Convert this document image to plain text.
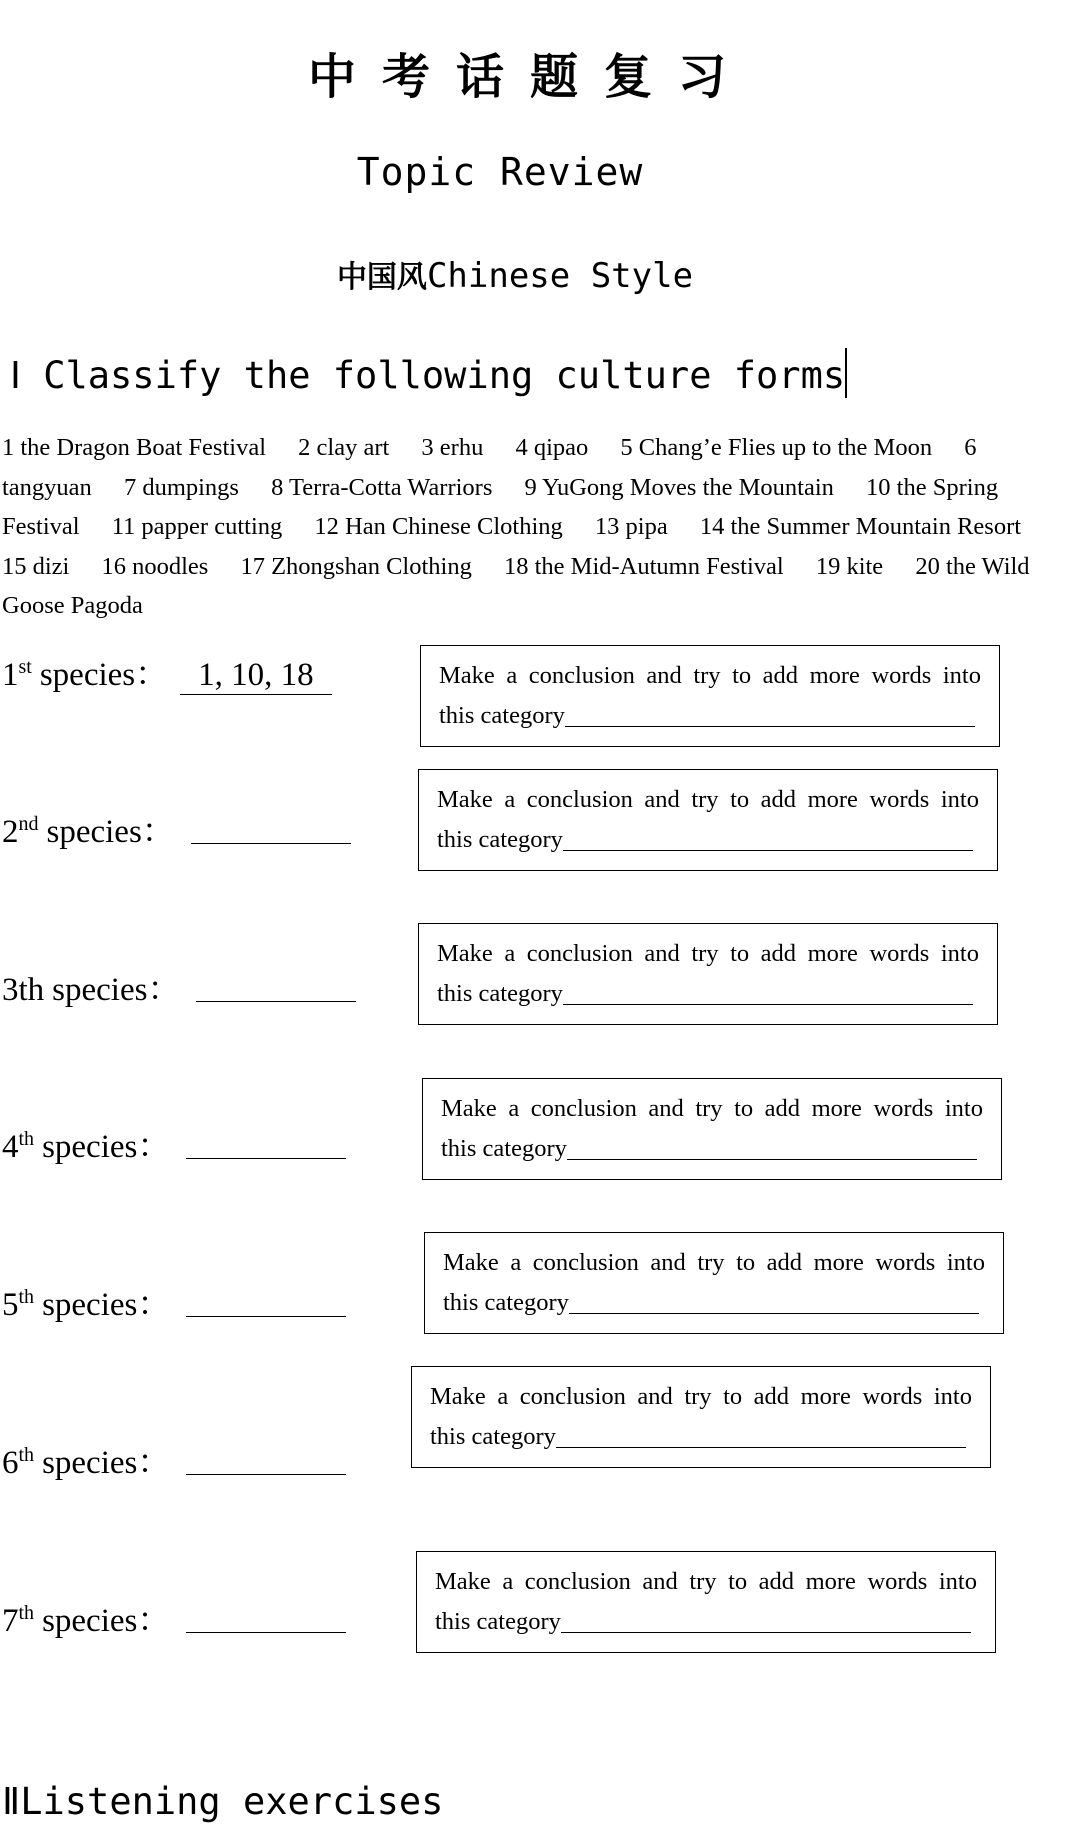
中考话题复习
Topic Review
中国风Chinese Style
Ⅰ Classify the following culture forms
1 the Dragon Boat Festival 2 clay art 3 erhu 4 qipao 5 Chang’e Flies up to the Moon 6 tangyuan 7 dumpings 8 Terra-Cotta Warriors 9 YuGong Moves the Mountain 10 the Spring Festival 11 papper cutting 12 Han Chinese Clothing 13 pipa 14 the Summer Mountain Resort 15 dizi 16 noodles 17 Zhongshan Clothing 18 the Mid-Autumn Festival 19 kite 20 the Wild Goose Pagoda
1st species： 1, 10, 18	Make a conclusion and try to add more words into
this category
2nd species：
Make a conclusion and try to add more words into
this category
3th species：
Make a conclusion and try to add more words into
this category
4th species：
Make a conclusion and try to add more words into
this category
5th species：
Make a conclusion and try to add more words into
this category
6th species：
Make a conclusion and try to add more words into
this category
7th species：
Make a conclusion and try to add more words into
this category
ⅡListening exercises
